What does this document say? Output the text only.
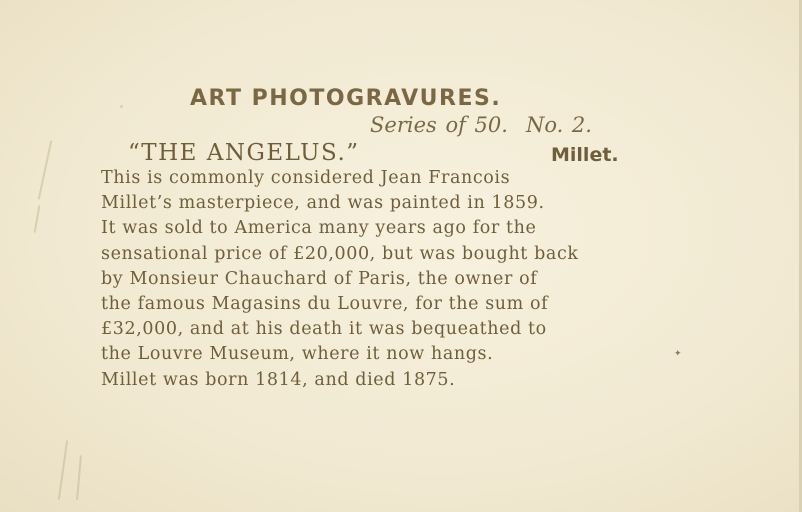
ART PHOTOGRAVURES.
Series of 50. No. 2.
“THE ANGELUS.”	Millet.
This is commonly considered Jean Francois
Millet’s masterpiece, and was painted in 1859.
It was sold to America many years ago for the
sensational price of £20,000, but was bought back
by Monsieur Chauchard of Paris, the owner of
the famous Magasins du Louvre, for the sum of
£32,000, and at his death it was bequeathed to
the Louvre Museum, where it now hangs.
Millet was born 1814, and died 1875.
✦
